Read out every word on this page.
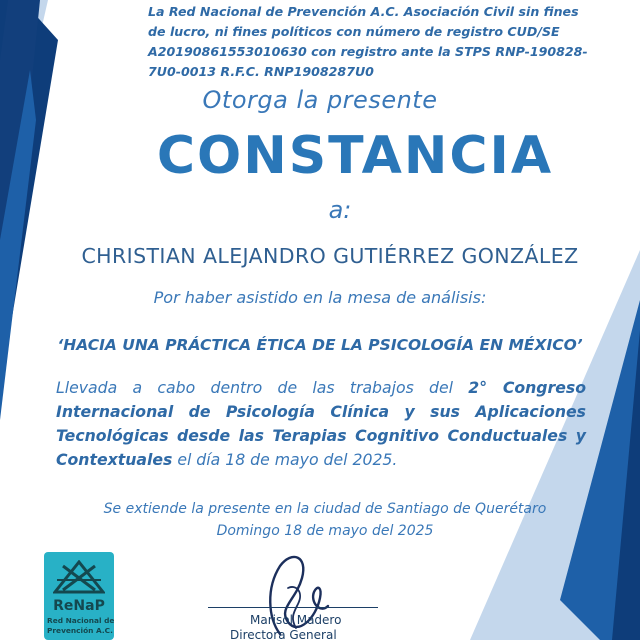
La Red Nacional de Prevención A.C. Asociación Civil sin fines de lucro, ni fines políticos con número de registro CUD/SE A20190861553010630 con registro ante la STPS RNP-190828-7U0-0013 R.F.C. RNP1908287U0
Otorga la presente
CONSTANCIA
a:
CHRISTIAN ALEJANDRO GUTIÉRREZ GONZÁLEZ
Por haber asistido en la mesa de análisis:
‘HACIA UNA PRÁCTICA ÉTICA DE LA PSICOLOGÍA EN MÉXICO’
Llevada a cabo dentro de las trabajos del 2° Congreso Internacional de Psicología Clínica y sus Aplicaciones Tecnológicas desde las Terapias Cognitivo Conductuales y Contextuales el día 18 de mayo del 2025.
Se extiende la presente en la ciudad de Santiago de Querétaro
Domingo 18 de mayo del 2025
ReNaP
Red Nacional de
Prevención A.C.
Marisol Madero
Directora General
